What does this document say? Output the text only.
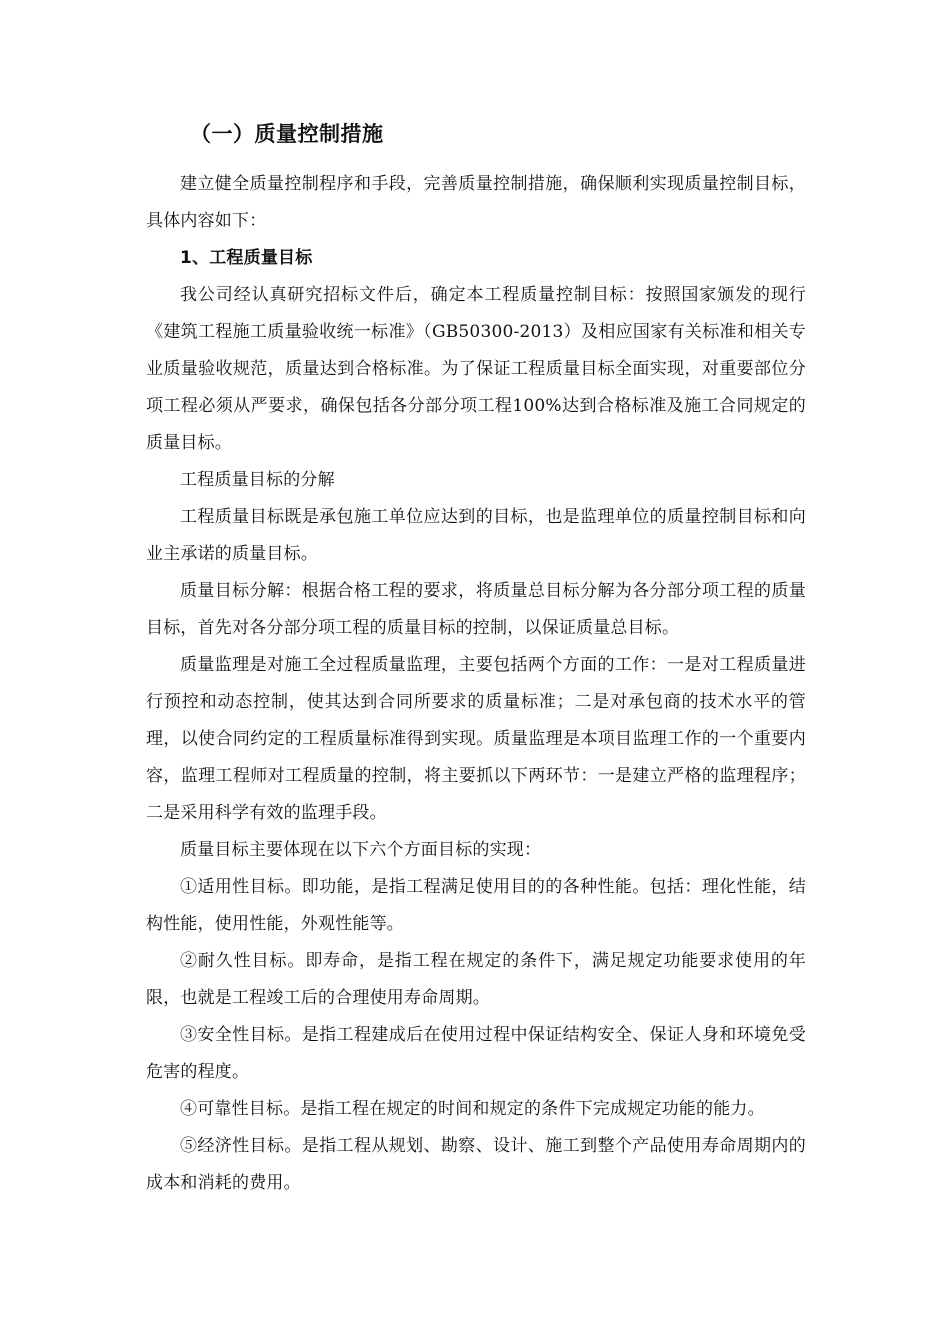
（一）质量控制措施

建立健全质量控制程序和手段，完善质量控制措施，确保顺利实现质量控制目标，具体内容如下：

1、工程质量目标

我公司经认真研究招标文件后，确定本工程质量控制目标：按照国家颁发的现行《建筑工程施工质量验收统一标准》（GB50300-2013）及相应国家有关标准和相关专业质量验收规范，质量达到合格标准。为了保证工程质量目标全面实现，对重要部位分项工程必须从严要求，确保包括各分部分项工程100%达到合格标准及施工合同规定的质量目标。

工程质量目标的分解

工程质量目标既是承包施工单位应达到的目标，也是监理单位的质量控制目标和向业主承诺的质量目标。

质量目标分解：根据合格工程的要求，将质量总目标分解为各分部分项工程的质量目标，首先对各分部分项工程的质量目标的控制，以保证质量总目标。

质量监理是对施工全过程质量监理，主要包括两个方面的工作：一是对工程质量进行预控和动态控制，使其达到合同所要求的质量标准；二是对承包商的技术水平的管理，以使合同约定的工程质量标准得到实现。质量监理是本项目监理工作的一个重要内容，监理工程师对工程质量的控制，将主要抓以下两环节：一是建立严格的监理程序；二是采用科学有效的监理手段。

质量目标主要体现在以下六个方面目标的实现：

①适用性目标。即功能，是指工程满足使用目的的各种性能。包括：理化性能，结构性能，使用性能，外观性能等。

②耐久性目标。即寿命，是指工程在规定的条件下，满足规定功能要求使用的年限，也就是工程竣工后的合理使用寿命周期。

③安全性目标。是指工程建成后在使用过程中保证结构安全、保证人身和环境免受危害的程度。

④可靠性目标。是指工程在规定的时间和规定的条件下完成规定功能的能力。

⑤经济性目标。是指工程从规划、勘察、设计、施工到整个产品使用寿命周期内的成本和消耗的费用。
